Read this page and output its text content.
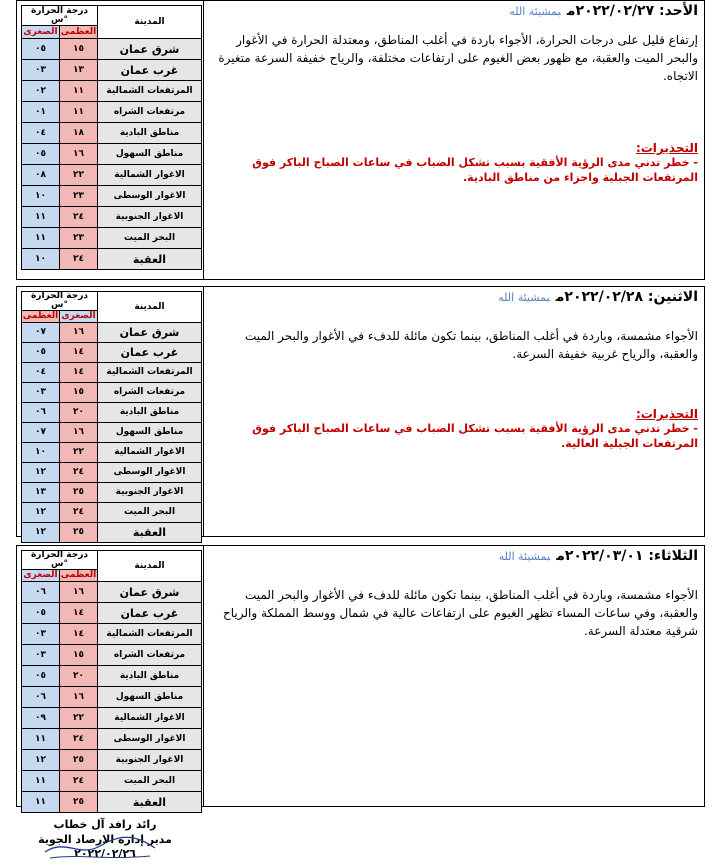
درجة الحرارة س°		المدينة
الصغرى	العظمى	
٠٥	١٥	شرق عمان
٠٣	١٣	غرب عمان
٠٢	١١	المرتفعات الشمالية
٠١	١١	مرتفعات الشراه
٠٤	١٨	مناطق البادية
٠٥	١٦	مناطق السهول
٠٨	٢٢	الاغوار الشمالية
١٠	٢٣	الاغوار الوسطى
١١	٢٤	الاغوار الجنوبية
١١	٢٣	البحر الميت
١٠	٢٤	العقبة
الأحد: ٢٠٢٢/٠٢/٢٧مبمشيئة الله
إرتفاع قليل على درجات الحرارة، الأجواء باردة في أغلب المناطق، ومعتدلة الحرارة في الأغوار والبحر الميت والعقبة، مع ظهور بعض الغيوم على ارتفاعات مختلفة، والرياح خفيفة السرعة متغيرة الاتجاه.
التحذيرات:
- خطر تدني مدى الرؤية الأفقية بسبب تشكل الضباب في ساعات الصباح الباكر فوق المرتفعات الجبلية واجزاء من مناطق البادية.
درجة الحرارة س°		المدينة
العظمى	الصغرى	
٠٧	١٦	شرق عمان
٠٥	١٤	غرب عمان
٠٤	١٤	المرتفعات الشمالية
٠٣	١٥	مرتفعات الشراه
٠٦	٢٠	مناطق البادية
٠٧	١٦	مناطق السهول
١٠	٢٢	الاغوار الشمالية
١٢	٢٤	الاغوار الوسطى
١٣	٢٥	الاغوار الجنوبية
١٢	٢٤	البحر الميت
١٢	٢٥	العقبة
الاثنين: ٢٠٢٢/٠٢/٢٨مبمشيئة الله
الأجواء مشمسة، وباردة في أغلب المناطق، بينما تكون مائلة للدفء في الأغوار والبحر الميت والعقبة، والرياح غربية خفيفة السرعة.
التحذيرات:
- خطر تدني مدى الرؤية الأفقية بسبب تشكل الضباب في ساعات الصباح الباكر فوق المرتفعات الجبلية العالية.
درجة الحرارة س°		المدينة
الصغرى	العظمى	
٠٦	١٦	شرق عمان
٠٥	١٤	غرب عمان
٠٣	١٤	المرتفعات الشمالية
٠٣	١٥	مرتفعات الشراه
٠٥	٢٠	مناطق البادية
٠٦	١٦	مناطق السهول
٠٩	٢٢	الاغوار الشمالية
١١	٢٤	الاغوار الوسطى
١٢	٢٥	الاغوار الجنوبية
١١	٢٤	البحر الميت
١١	٢٥	العقبة
الثلاثاء: ٢٠٢٢/٠٣/٠١مبمشيئة الله
الأجواء مشمسة، وباردة في أغلب المناطق، بينما تكون مائلة للدفء في الأغوار والبحر الميت والعقبة، وفي ساعات المساء تظهر الغيوم على ارتفاعات عالية في شمال ووسط المملكة والرياح شرقية معتدلة السرعة.
رائد رافد آل خطاب
مدير إدارة الارصاد الجوية
٢٠٢٢/٠٢/٢٦
